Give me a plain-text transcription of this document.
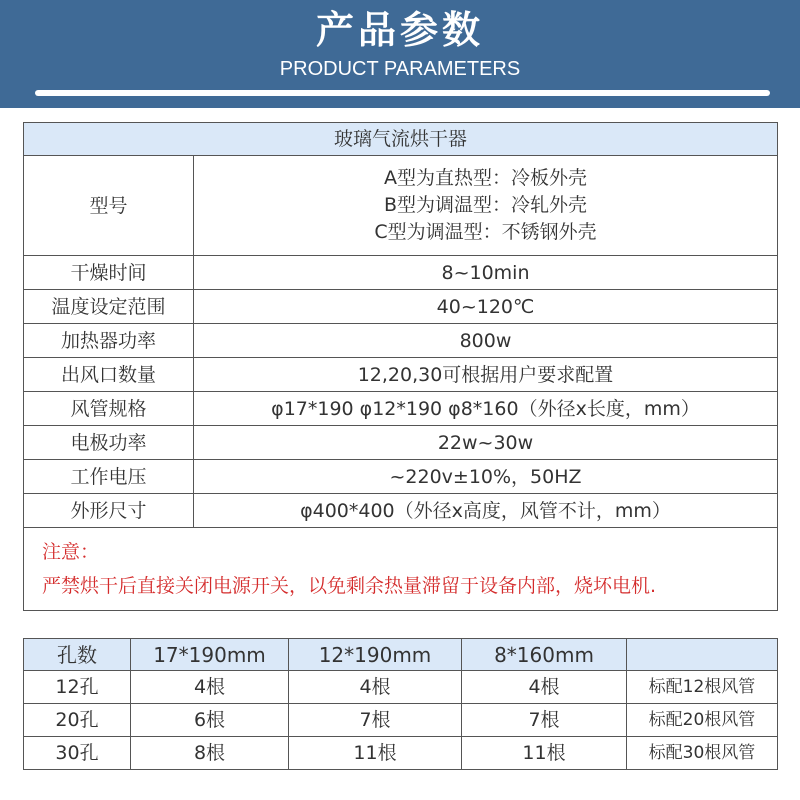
产品参数
PRODUCT PARAMETERS
玻璃气流烘干器	
型号	A型为直热型：冷板外壳
B型为调温型：冷轧外壳
C型为调温型：不锈钢外壳

干燥时间	8~10min
温度设定范围	40~120℃
加热器功率	800w
出风口数量	12,20,30可根据用户要求配置
风管规格	φ17*190 φ12*190 φ8*160（外径x长度，mm）
电极功率	22w~30w
工作电压	~220v±10%，50HZ
外形尺寸	φ400*400（外径x高度，风管不计，mm）

注意：
严禁烘干后直接关闭电源开关，以免剩余热量滞留于设备内部，烧坏电机.	
孔数	17*190mm	12*190mm	8*160mm	
12孔	4根	4根	4根	标配12根风管
20孔	6根	7根	7根	标配20根风管
30孔	8根	11根	11根	标配30根风管
